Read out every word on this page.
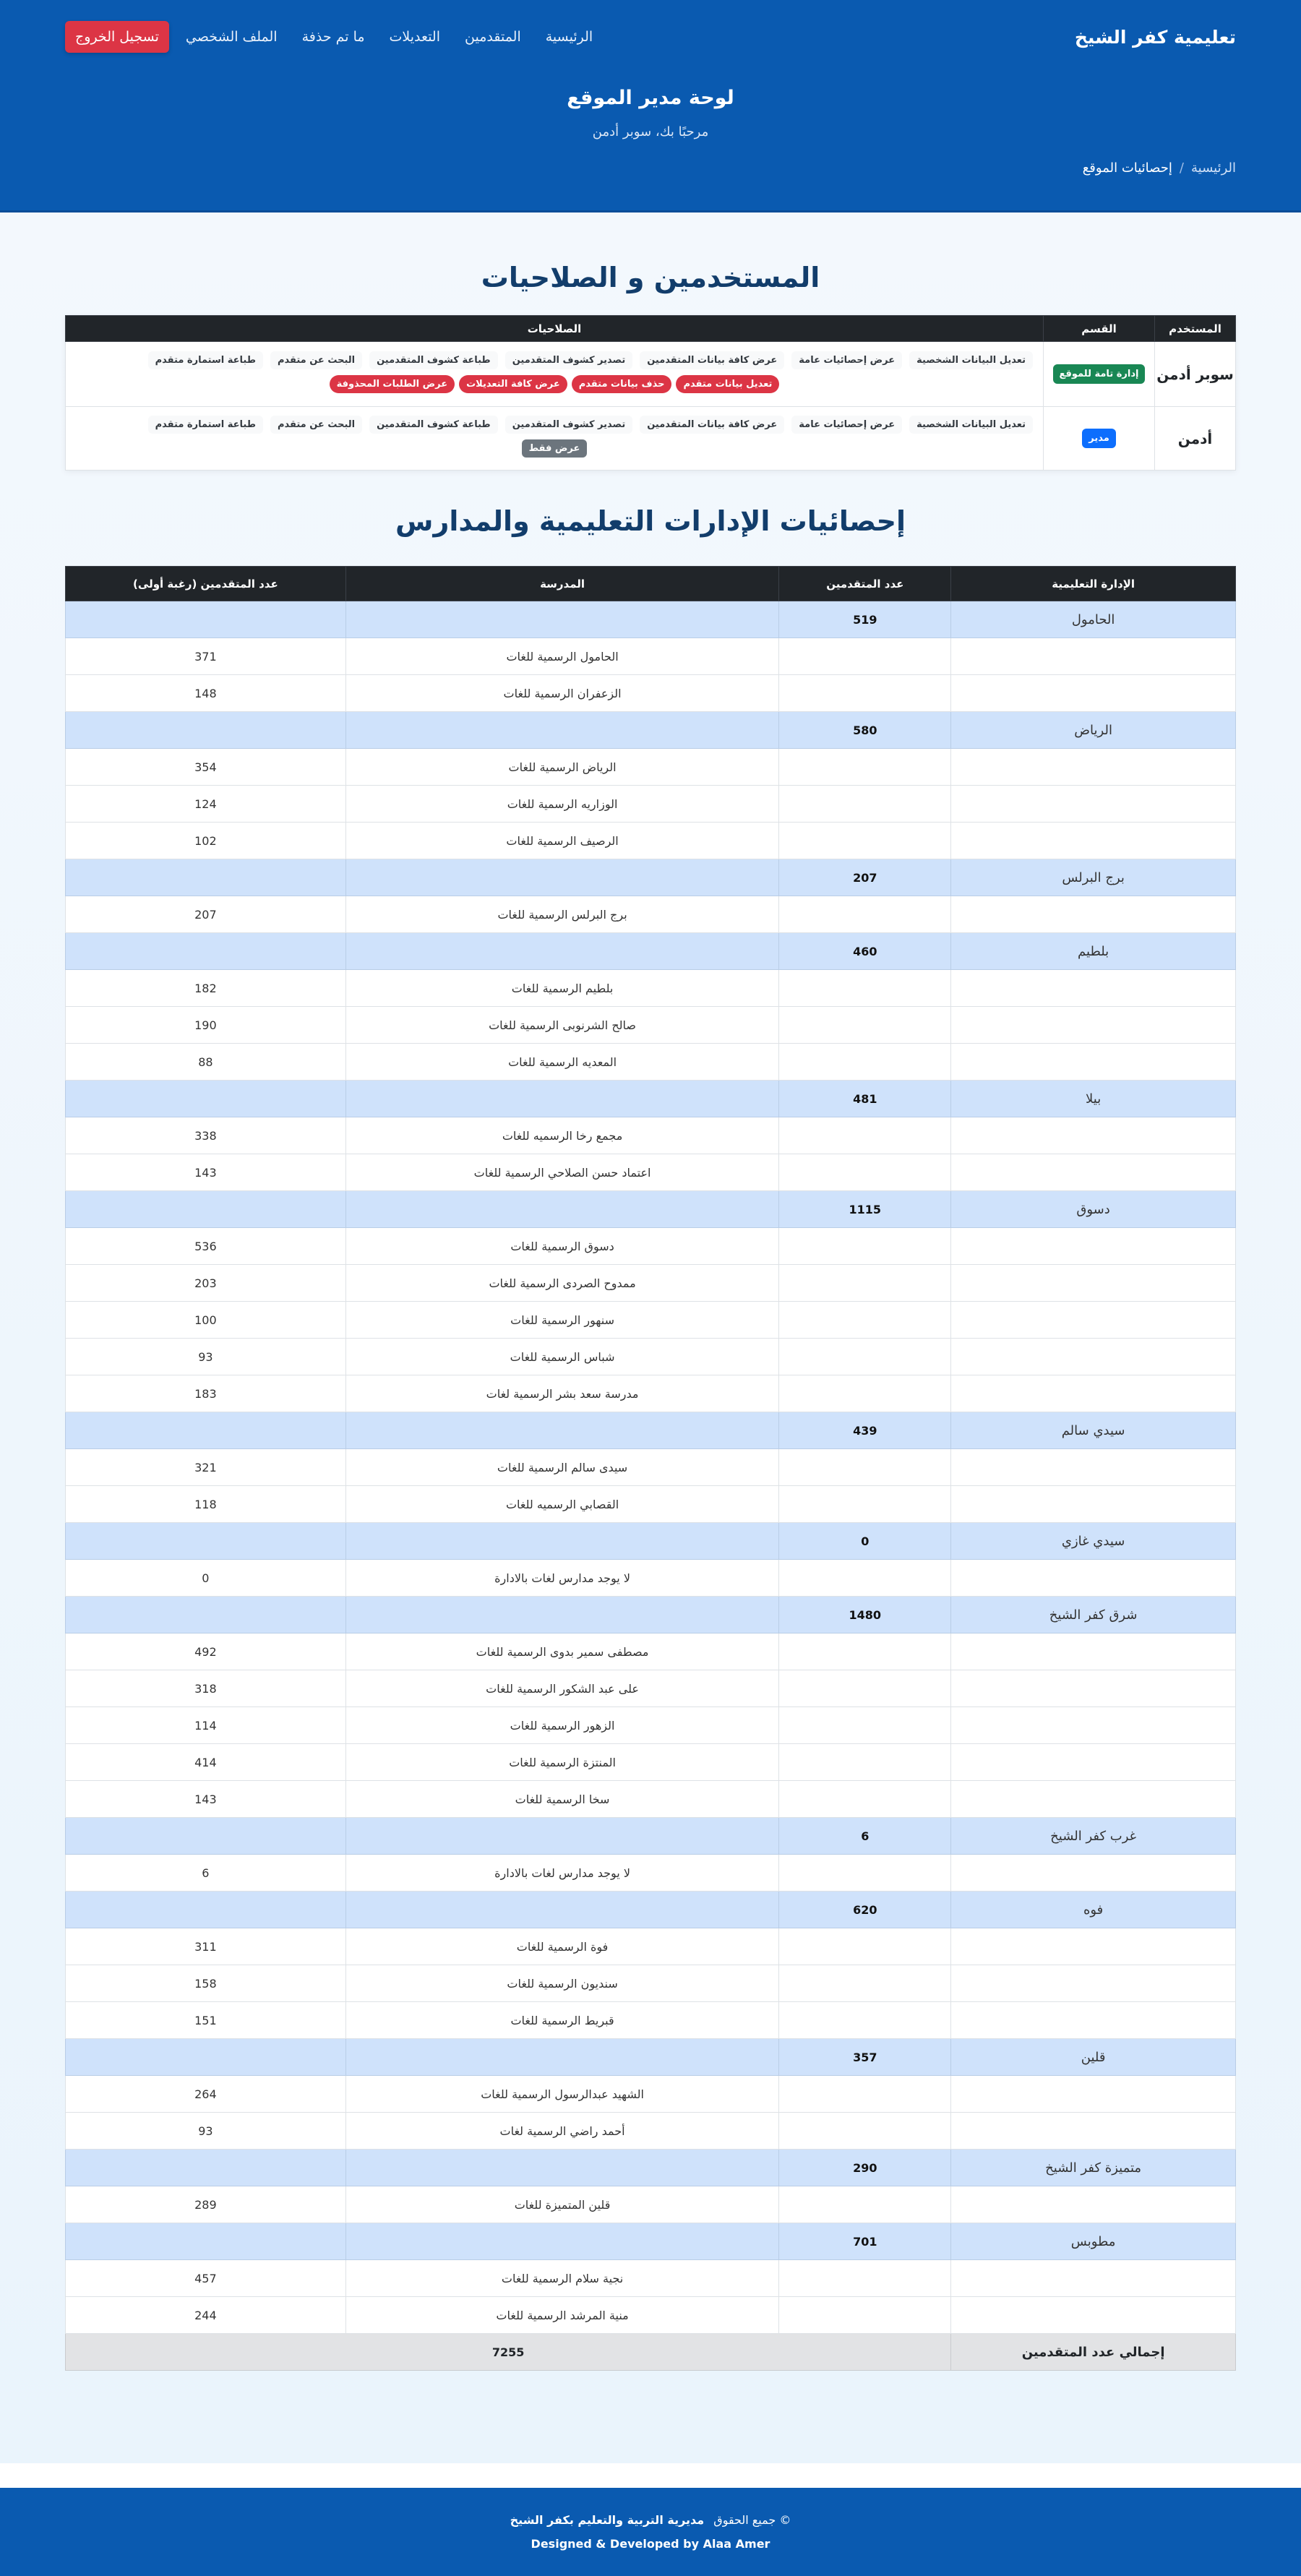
تعليمية كفر الشيخ
الرئيسية
المتقدمين
التعديلات
ما تم حذفة
الملف الشخصي
تسجيل الخروج
لوحة مدير الموقع

مرحبًا بك، سوبر أدمن

الرئيسية
/
إحصائيات الموقع
المستخدمين و الصلاحيات
المستخدم	القسم	الصلاحيات
سوبر أدمن	إدارة تامة للموقع	
تعديل البيانات الشخصية
عرض إحصائيات عامة
عرض كافة بيانات المتقدمين
تصدير كشوف المتقدمين
طباعة كشوف المتقدمين
البحث عن متقدم
طباعة استمارة متقدم
تعديل بيانات متقدم
حذف بيانات متقدم
عرض كافة التعديلات
عرض الطلبات المحذوفة

أدمن	مدير	
تعديل البيانات الشخصية
عرض إحصائيات عامة
عرض كافة بيانات المتقدمين
تصدير كشوف المتقدمين
طباعة كشوف المتقدمين
البحث عن متقدم
طباعة استمارة متقدم
عرض فقط
إحصائيات الإدارات التعليمية والمدارس
الإدارة التعليمية	عدد المتقدمين	المدرسة	عدد المتقدمين (رغبة أولى)
الحامول	519		
		الحامول الرسمية للغات	371
		الزعفران الرسمية للغات	148
الرياض	580		
		الرياض الرسمية للغات	354
		الوزاريه الرسمية للغات	124
		الرصيف الرسمية للغات	102
برج البرلس	207		
		برج البرلس الرسمية للغات	207
بلطيم	460		
		بلطيم الرسمية للغات	182
		صالح الشرنوبى الرسمية للغات	190
		المعديه الرسمية للغات	88
بيلا	481		
		مجمع رخا الرسميه للغات	338
		اعتماد حسن الصلاحي الرسمية للغات	143
دسوق	1115		
		دسوق الرسمية للغات	536
		ممدوح الصردى الرسمية للغات	203
		سنهور الرسمية للغات	100
		شباس الرسمية للغات	93
		مدرسة سعد بشر الرسمية لغات	183
سيدي سالم	439		
		سيدى سالم الرسمية للغات	321
		القصابي الرسميه للغات	118
سيدي غازي	0		
		لا يوجد مدارس لغات بالادارة	0
شرق كفر الشيخ	1480		
		مصطفى سمير بدوى الرسمية للغات	492
		على عبد الشكور الرسمية للغات	318
		الزهور الرسمية للغات	114
		المنتزة الرسمية للغات	414
		سخا الرسمية للغات	143
غرب كفر الشيخ	6		
		لا يوجد مدارس لغات بالادارة	6
فوه	620		
		فوة الرسمية للغات	311
		سنديون الرسمية للغات	158
		قبريط الرسمية للغات	151
قلين	357		
		الشهيد عبدالرسول الرسمية للغات	264
		أحمد راضي الرسمية لغات	93
متميزة كفر الشيخ	290		
		قلين المتميزة للغات	289
مطوبس	701		
		نجية سلام الرسمية للغات	457
		منية المرشد الرسمية للغات	244
إجمالي عدد المتقدمين	7255		
© جميع الحقوق مديرية التربية والتعليم بكفر الشيخ
Designed & Developed by Alaa Amer
